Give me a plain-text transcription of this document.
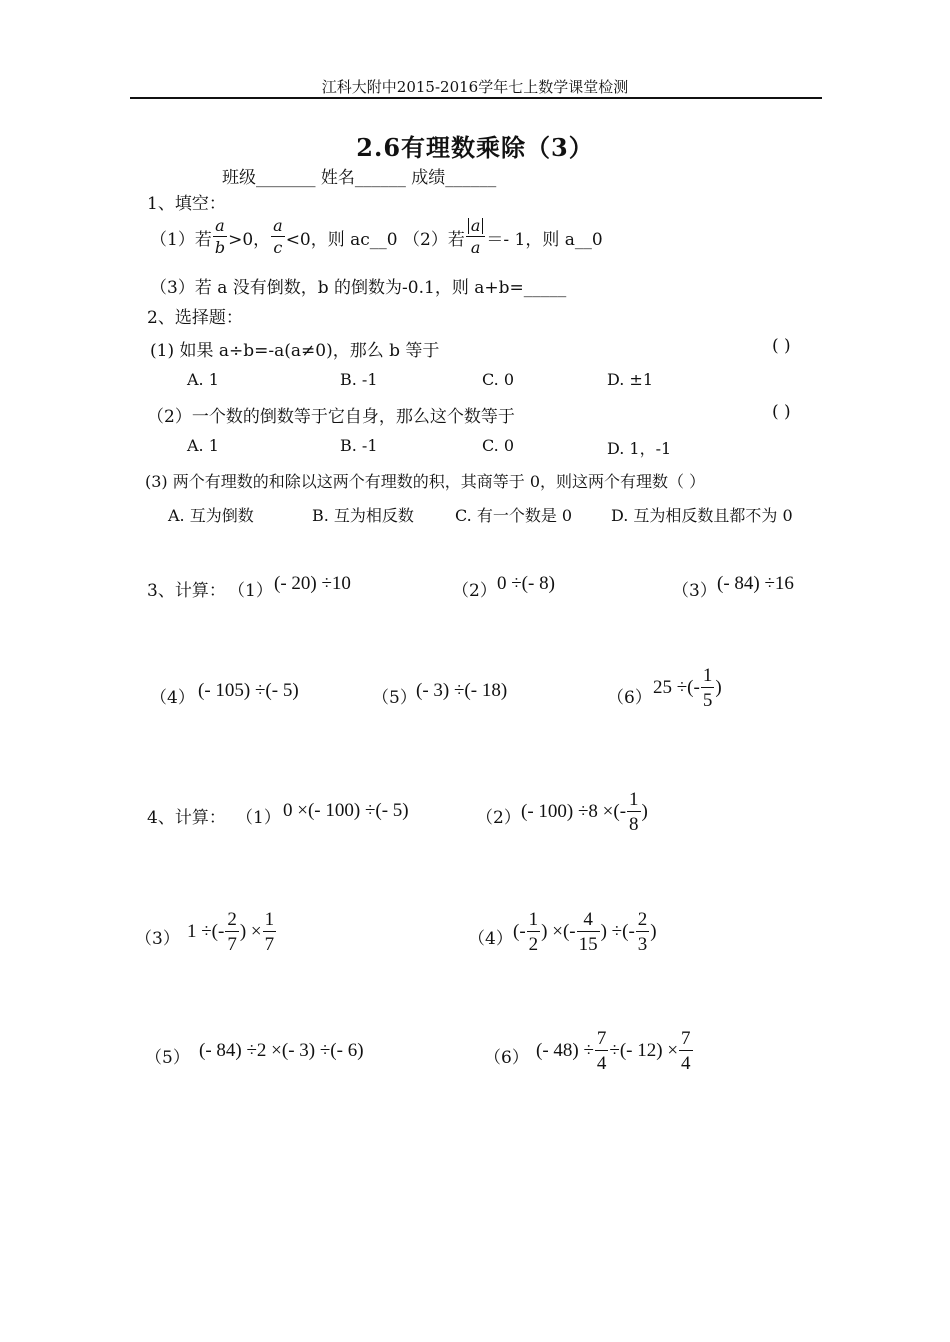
江科大附中2015-2016学年七上数学课堂检测
2.6有理数乘除（3）
班级_______ 姓名______ 成绩______
1、填空：
（1）若 $\frac{a}{b} >0$， $\frac{a}{c} <0$，则 ac__0 （2）若 $\frac{a}{a} =- 1$，则 a__0
（3）若 a 没有倒数，b 的倒数为-0.1，则 a+b=_____
2、选择题：
(1) 如果 a÷b=-a(a≠0)，那么 b 等于	( )
A. 1	B. -1	C. 0	D. ±1
（2）一个数的倒数等于它自身，那么这个数等于	( )
A. 1	B. -1	C. 0	D. 1，-1
(3) 两个有理数的和除以这两个有理数的积，其商等于 0，则这两个有理数（ ）
A. 互为倒数	B. 互为相反数	C. 有一个数是 0 D. 互为相反数且都不为 0
3、计算： （1） (- 20) ÷10	（2） 0 ÷(- 8)	（3） (- 84) ÷16
（4） (- 105) ÷(- 5)	（5） (- 3) ÷(- 18)	（6） 25 ÷(- $\frac{1}{5}$ )
4、计算： （1） 0 ×(- 100) ÷(- 5)	（2） (- 100) ÷8 ×(- $\frac{1}{8}$ )
（3） 1 ÷(- $\frac{2}{7}$ ) × $\frac{1}{7}$	（4） (- $\frac{1}{2}$ ) ×(- $\frac{4}{15}$ ) ÷(- $\frac{2}{3}$ )
（5） (- 84) ÷2 ×(- 3) ÷(- 6)	（6） (- $48) \div \frac{7}{4}$ ÷(- $12) \times \frac{7}{4}$
